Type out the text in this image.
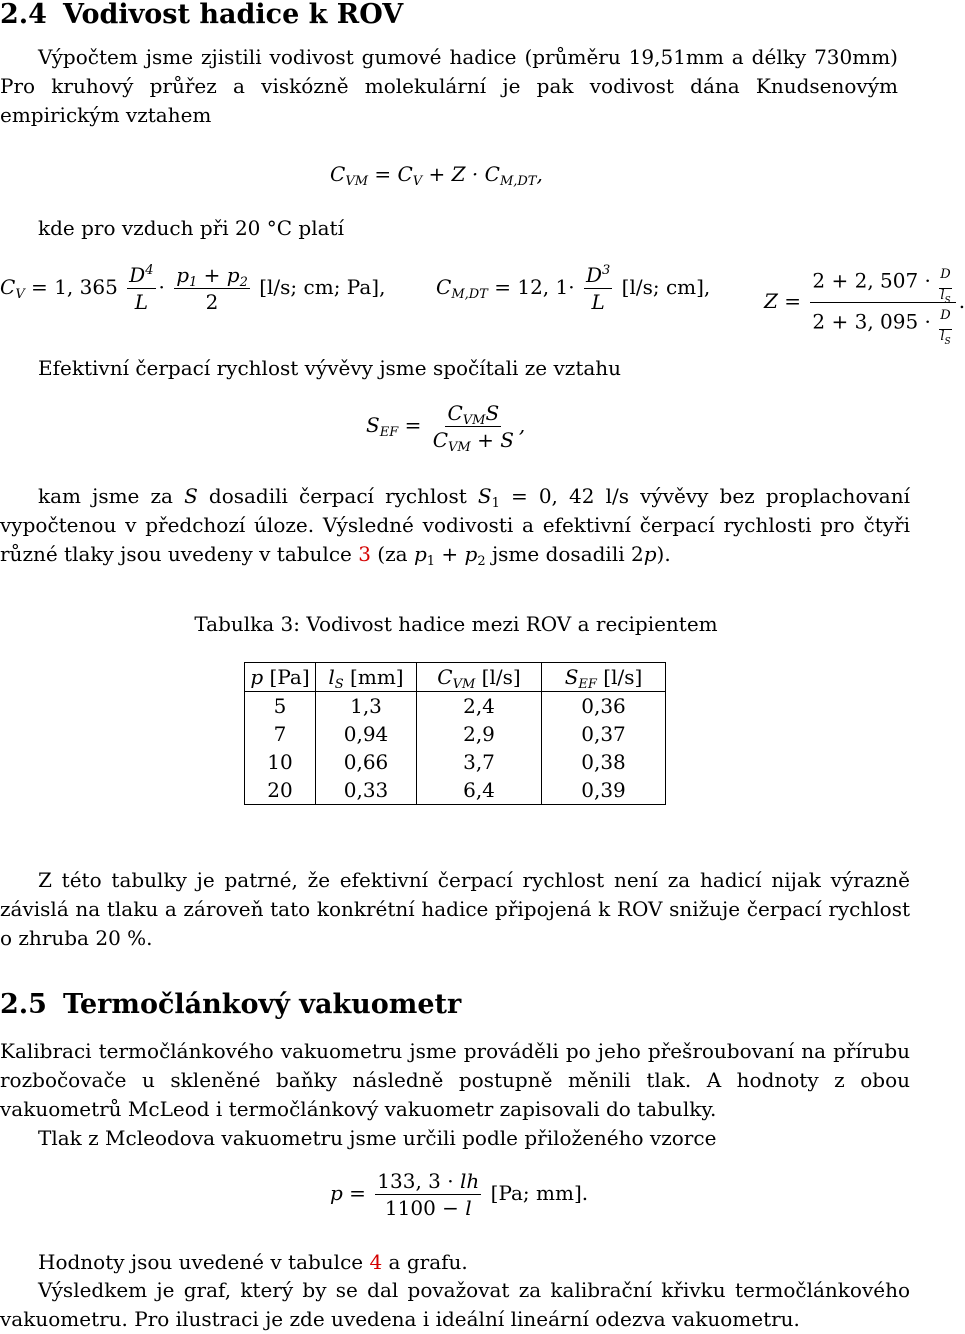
2.4 Vodivost hadice k ROV

Výpočtem jsme zjistili vodivost gumové hadice (průměru 19,51mm a délky 730mm) Pro kruhový průřez a viskózně molekulární je pak vodivost dána Knudsenovým empirickým vztahem

$C_{VM} = C_V + Z \cdot C_{M,DT}$,
kde pro vzduch při 20 °C platí
$C_V = 1$, $365 \frac{D^4}{L} \cdot \frac{p_1 + p_2}{2} [l/s$; cm; Pa],	$C_{M,DT} = 12$, $1\cdot \frac{D^3}{L} [l/s$; cm],
$Z = \frac{2 + 2, 507 \cdot \frac{D}{l_S}}{2 + 3, 095 \cdot \frac{D}{l_S}}$ .
Efektivní čerpací rychlost vývěvy jsme spočítali ze vztahu
$S_{EF} = \frac{C_{VM}S}{C_{VM} + S}$ ,

kam jsme za S dosadili čerpací rychlost $S_1 = 0$, 42 l/s vývěvy bez proplachovaní vypočtenou v předchozí úloze. Výsledné vodivosti a efektivní čerpací rychlosti pro čtyři různé tlaky jsou uvedeny v tabulce 3 (za $p_1 + p_2$ jsme dosadili 2p).

Tabulka 3: Vodivost hadice mezi ROV a recipientem
p [Pa]	$l_S$ [mm]	$C_{VM}$ [l/s]	$S_{EF}$ [l/s]
5	1,3	2,4	0,36
7	0,94	2,9	0,37
10	0,66	3,7	0,38
20	0,33	6,4	0,39

Z této tabulky je patrné, že efektivní čerpací rychlost není za hadicí nijak výrazně závislá na tlaku a zároveň tato konkrétní hadice připojená k ROV snižuje čerpací rychlost o zhruba 20 %.

2.5 Termočlánkový vakuometr

Kalibraci termočlánkového vakuometru jsme prováděli po jeho přešroubovaní na přírubu rozbočovače u skleněné baňky následně postupně měnili tlak. A hodnoty z obou vakuometrů McLeod i termočlánkový vakuometr zapisovali do tabulky.

Tlak z Mcleodova vakuometru jsme určili podle přiloženého vzorce

$p = \frac{133, 3 \cdot lh}{1100 - l} [Pa$; mm].

Hodnoty jsou uvedené v tabulce 4 a grafu.

Výsledkem je graf, který by se dal považovat za kalibrační křivku termočlánkového vakuometru. Pro ilustraci je zde uvedena i ideální lineární odezva vakuometru.
